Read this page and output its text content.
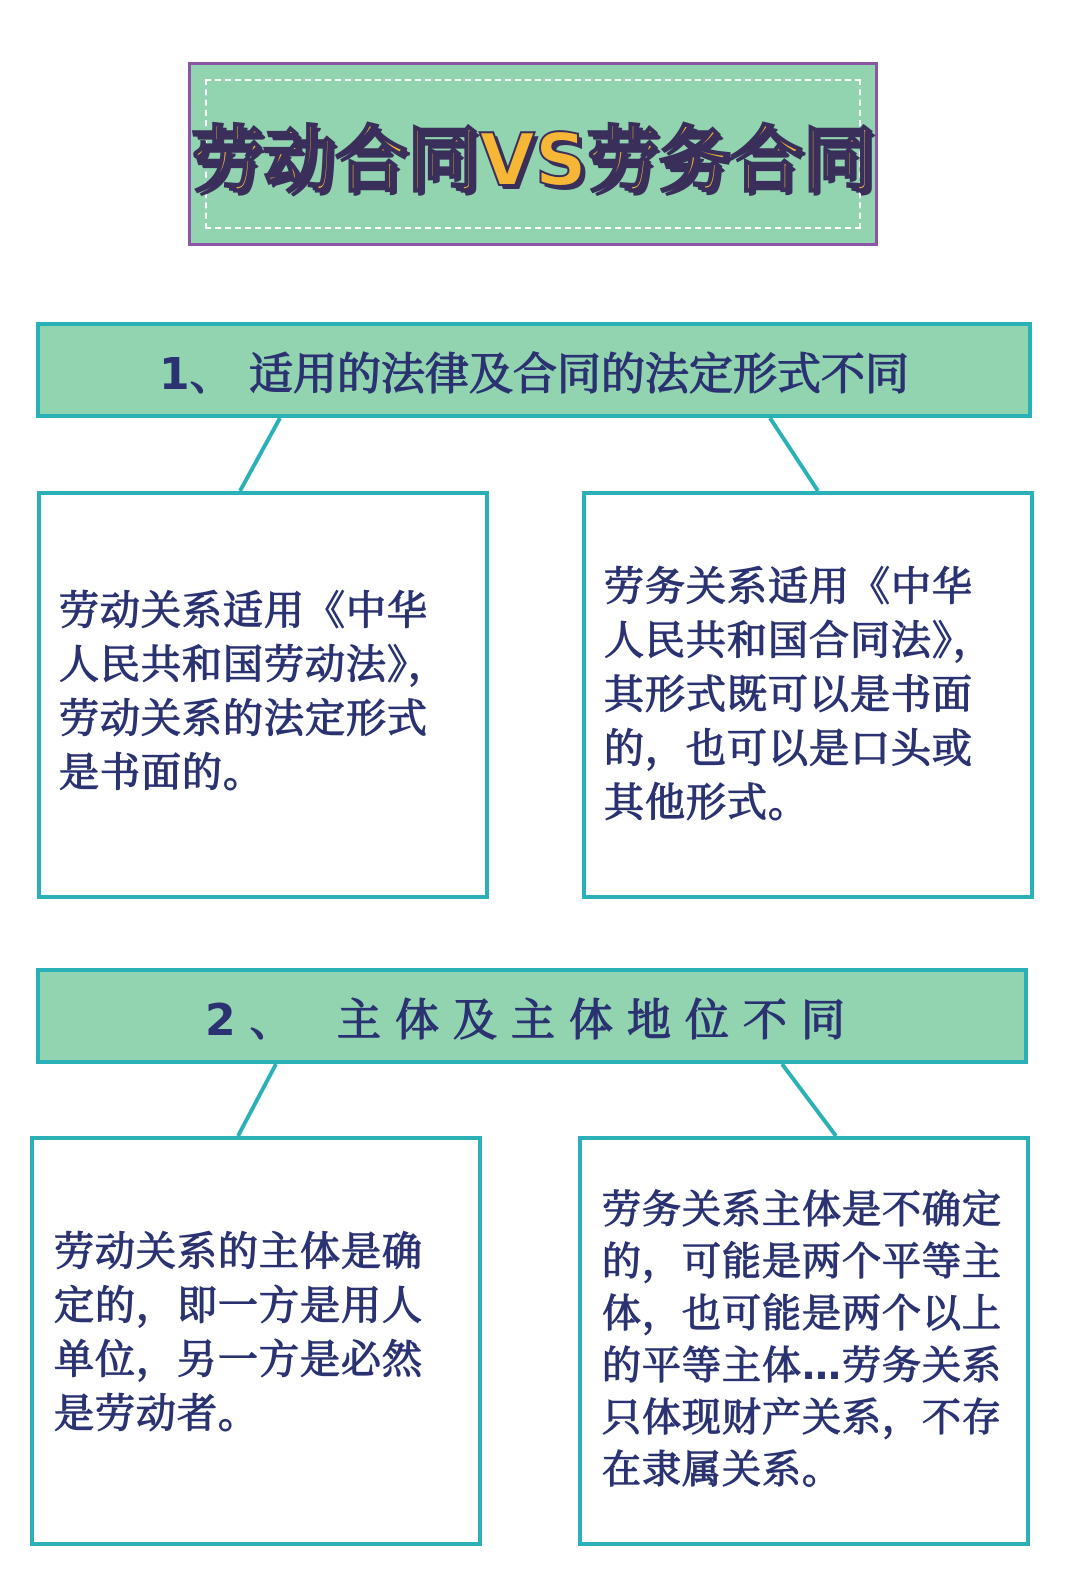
劳动合同VS劳务合同
1、 适用的法律及合同的法定形式不同

劳动关系适用《中华人民共和国劳动法》，劳动关系的法定形式是书面的。

劳务关系适用《中华人民共和国合同法》，其形式既可以是书面的，也可以是口头或其他形式。

2、 主体及主体地位不同

劳动关系的主体是确定的，即一方是用人单位，另一方是必然是劳动者。

劳务关系主体是不确定的，可能是两个平等主体，也可能是两个以上的平等主体…劳务关系只体现财产关系，不存在隶属关系。
